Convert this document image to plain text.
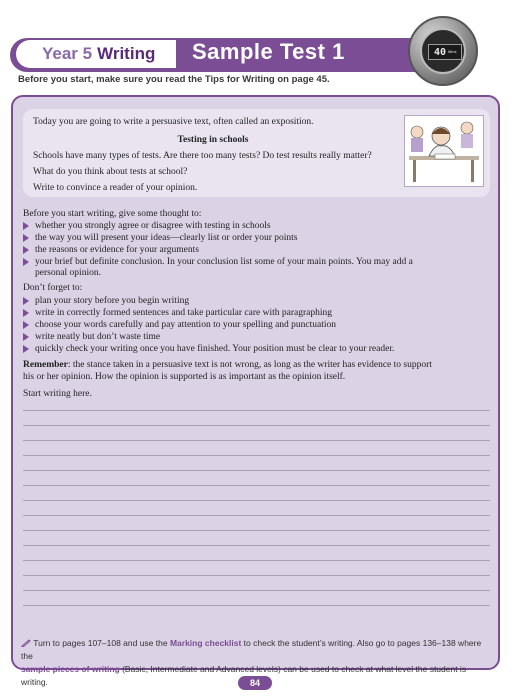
Year 5 Writing Sample Test 1
Before you start, make sure you read the Tips for Writing on page 45.
40 Mins

Today you are going to write a persuasive text, often called an exposition.

Testing in schools

Schools have many types of tests. Are there too many tests? Do test results really matter?

What do you think about tests at school?

Write to convince a reader of your opinion.

Before you start writing, give some thought to:
whether you strongly agree or disagree with testing in schools
the way you will present your ideas—clearly list or order your points
the reasons or evidence for your arguments
your brief but definite conclusion. In your conclusion list some of your main points. You may add a
personal opinion.
Don’t forget to:
plan your story before you begin writing
write in correctly formed sentences and take particular care with paragraphing
choose your words carefully and pay attention to your spelling and punctuation
write neatly but don’t waste time
quickly check your writing once you have finished. Your position must be clear to your reader.
Remember: the stance taken in a persuasive text is not wrong, as long as the writer has evidence to support
his or her opinion. How the opinion is supported is as important as the opinion itself.
Start writing here.
Turn to pages 107–108 and use the Marking checklist to check the student’s writing. Also go to pages 136–138 where the
sample pieces of writing (Basic, Intermediate and Advanced levels) can be used to check at what level the student is writing.	84
